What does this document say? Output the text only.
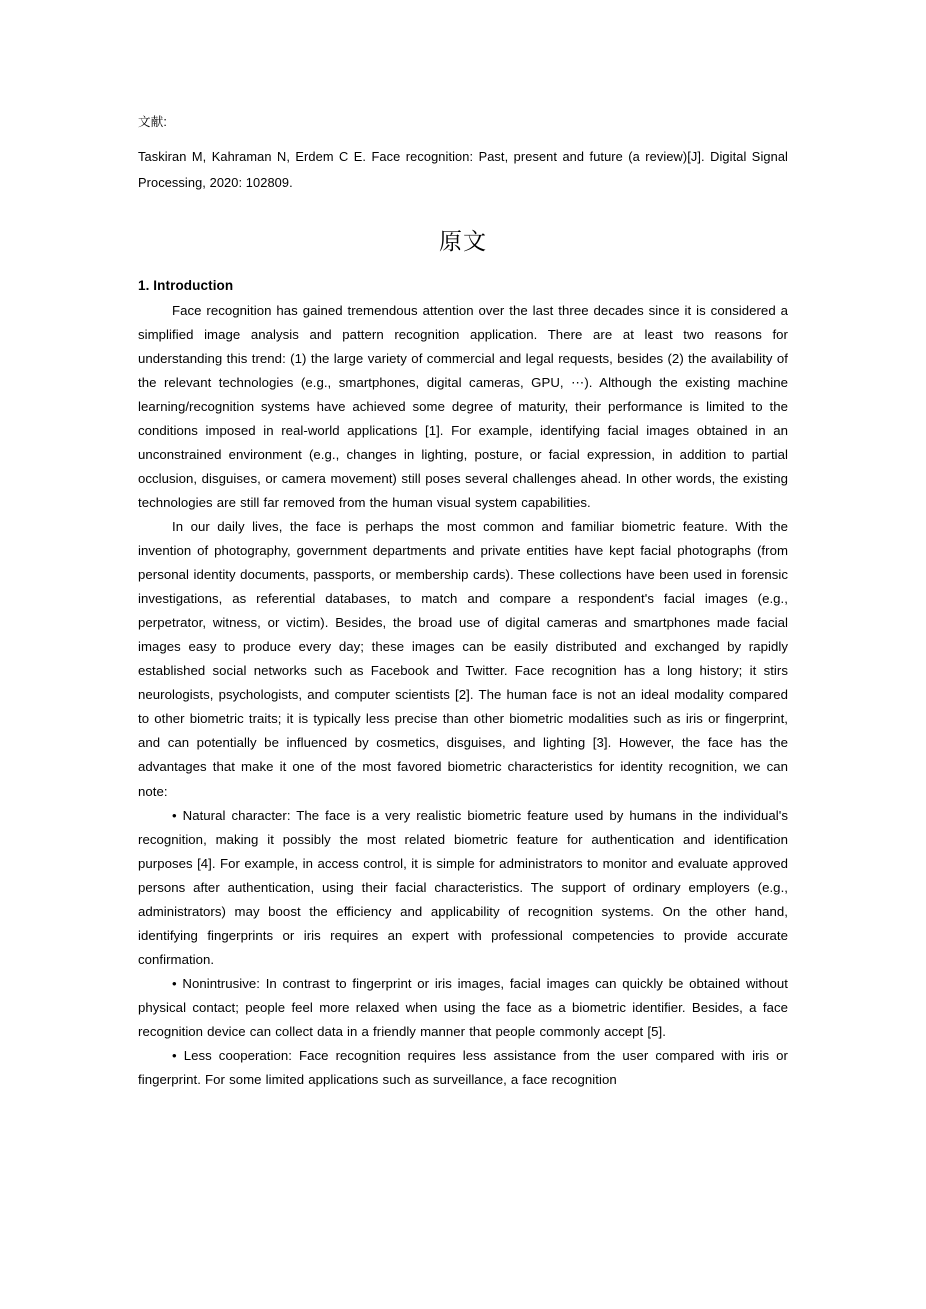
文献:
Taskiran M, Kahraman N, Erdem C E. Face recognition: Past, present and future (a review)[J]. Digital Signal Processing, 2020: 102809.
原文
1. Introduction

Face recognition has gained tremendous attention over the last three decades since it is considered a simplified image analysis and pattern recognition application. There are at least two reasons for understanding this trend: (1) the large variety of commercial and legal requests, besides (2) the availability of the relevant technologies (e.g., smartphones, digital cameras, GPU, ⋯). Although the existing machine learning/recognition systems have achieved some degree of maturity, their performance is limited to the conditions imposed in real-world applications [1]. For example, identifying facial images obtained in an unconstrained environment (e.g., changes in lighting, posture, or facial expression, in addition to partial occlusion, disguises, or camera movement) still poses several challenges ahead. In other words, the existing technologies are still far removed from the human visual system capabilities.

In our daily lives, the face is perhaps the most common and familiar biometric feature. With the invention of photography, government departments and private entities have kept facial photographs (from personal identity documents, passports, or membership cards). These collections have been used in forensic investigations, as referential databases, to match and compare a respondent's facial images (e.g., perpetrator, witness, or victim). Besides, the broad use of digital cameras and smartphones made facial images easy to produce every day; these images can be easily distributed and exchanged by rapidly established social networks such as Facebook and Twitter. Face recognition has a long history; it stirs neurologists, psychologists, and computer scientists [2]. The human face is not an ideal modality compared to other biometric traits; it is typically less precise than other biometric modalities such as iris or fingerprint, and can potentially be influenced by cosmetics, disguises, and lighting [3]. However, the face has the advantages that make it one of the most favored biometric characteristics for identity recognition, we can note:

• Natural character: The face is a very realistic biometric feature used by humans in the individual's recognition, making it possibly the most related biometric feature for authentication and identification purposes [4]. For example, in access control, it is simple for administrators to monitor and evaluate approved persons after authentication, using their facial characteristics. The support of ordinary employers (e.g., administrators) may boost the efficiency and applicability of recognition systems. On the other hand, identifying fingerprints or iris requires an expert with professional competencies to provide accurate confirmation.

• Nonintrusive: In contrast to fingerprint or iris images, facial images can quickly be obtained without physical contact; people feel more relaxed when using the face as a biometric identifier. Besides, a face recognition device can collect data in a friendly manner that people commonly accept [5].

• Less cooperation: Face recognition requires less assistance from the user compared with iris or fingerprint. For some limited applications such as surveillance, a face recognition
